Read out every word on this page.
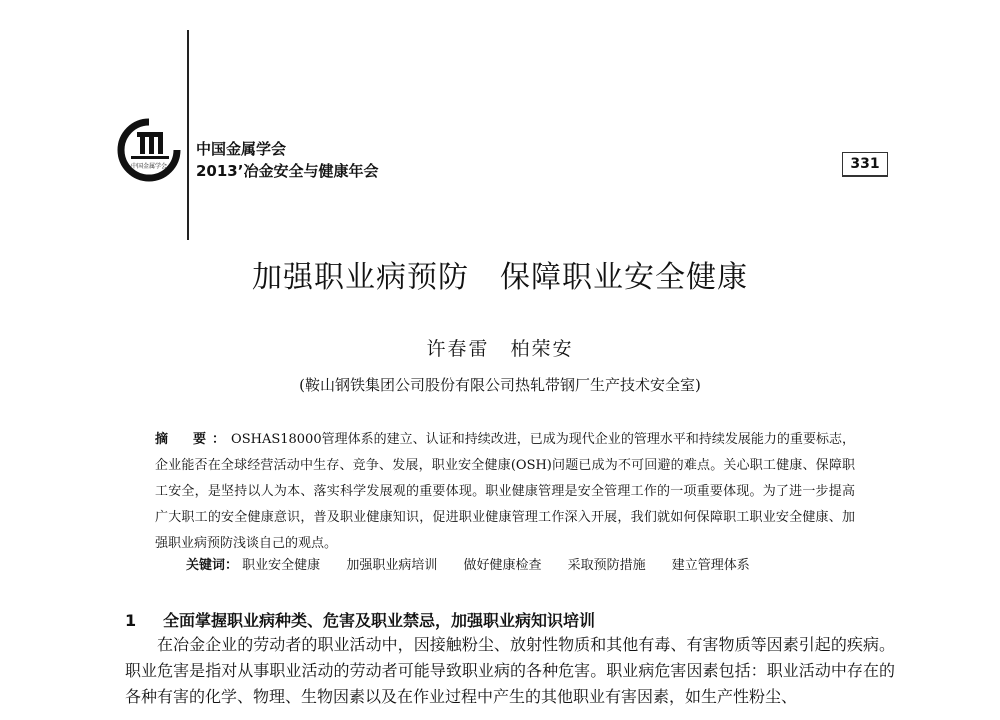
中国金属学会
中国金属学会
2013’冶金安全与健康年会	331
加强职业病预防　保障职业安全健康
许春雷　柏荣安
(鞍山钢铁集团公司股份有限公司热轧带钢厂生产技术安全室)
摘　要：OSHAS18000管理体系的建立、认证和持续改进，已成为现代企业的管理水平和持续发展能力的重要标志，企业能否在全球经营活动中生存、竞争、发展，职业安全健康(OSH)问题已成为不可回避的难点。关心职工健康、保障职工安全，是坚持以人为本、落实科学发展观的重要体现。职业健康管理是安全管理工作的一项重要体现。为了进一步提高广大职工的安全健康意识，普及职业健康知识，促进职业健康管理工作深入开展，我们就如何保障职工职业安全健康、加强职业病预防浅谈自己的观点。
关键词： 职业安全健康 加强职业病培训 做好健康检查 采取预防措施 建立管理体系
1 全面掌握职业病种类、危害及职业禁忌，加强职业病知识培训
在冶金企业的劳动者的职业活动中，因接触粉尘、放射性物质和其他有毒、有害物质等因素引起的疾病。职业危害是指对从事职业活动的劳动者可能导致职业病的各种危害。职业病危害因素包括：职业活动中存在的各种有害的化学、物理、生物因素以及在作业过程中产生的其他职业有害因素，如生产性粉尘、
